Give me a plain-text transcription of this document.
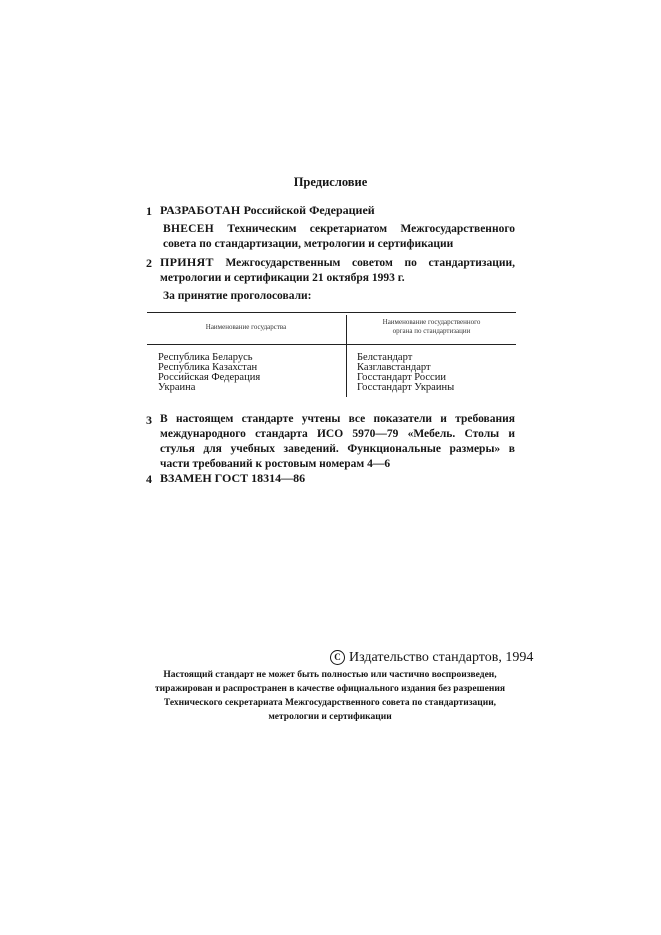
Предисловие
1 РАЗРАБОТАН Российской Федерацией
ВНЕСЕН Техническим секретариатом Межгосударственного
совета по стандартизации, метрологии и сертификации
2 ПРИНЯТ Межгосударственным советом по стандартизации,
метрологии и сертификации 21 октября 1993 г.
За принятие проголосовали:
Наименование государства
Наименование государственного
органа по стандартизации
Республика Беларусь
Республика Казахстан
Российская Федерация
Украина
Белстандарт
Казглавстандарт
Госстандарт России
Госстандарт Украины
3 В настоящем стандарте учтены все показатели и требования
международного стандарта ИСО 5970—79 «Мебель. Столы и
стулья для учебных заведений. Функциональные размеры» в
части требований к ростовым номерам 4—6
4 ВЗАМЕН ГОСТ 18314—86
С Издательство стандартов, 1994
Настоящий стандарт не может быть полностью или частично воспроизведен,
тиражирован и распространен в качестве официального издания без разрешения
Технического секретариата Межгосударственного совета по стандартизации,
метрологии и сертификации
